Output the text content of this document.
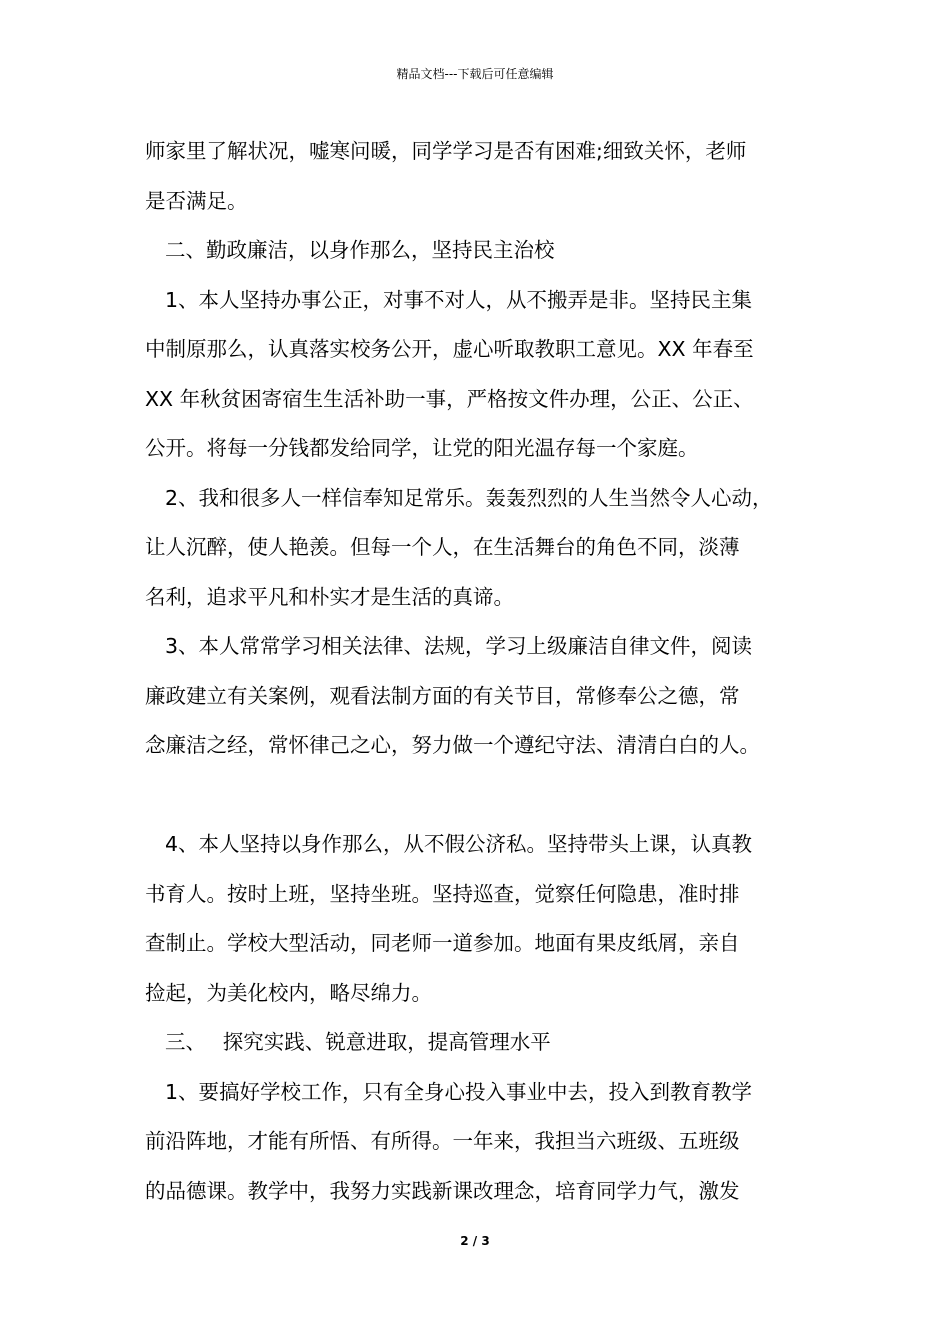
精品文档---下载后可任意编辑
师家里了解状况，嘘寒问暖，同学学习是否有困难;细致关怀，老师
是否满足。
二、勤政廉洁，以身作那么，坚持民主治校
1、本人坚持办事公正，对事不对人，从不搬弄是非。坚持民主集
中制原那么，认真落实校务公开，虚心听取教职工意见。XX 年春至
XX 年秋贫困寄宿生生活补助一事，严格按文件办理，公正、公正、
公开。将每一分钱都发给同学，让党的阳光温存每一个家庭。
2、我和很多人一样信奉知足常乐。轰轰烈烈的人生当然令人心动，
让人沉醉，使人艳羡。但每一个人，在生活舞台的角色不同，淡薄
名利，追求平凡和朴实才是生活的真谛。
3、本人常常学习相关法律、法规，学习上级廉洁自律文件，阅读
廉政建立有关案例，观看法制方面的有关节目，常修奉公之德，常
念廉洁之经，常怀律己之心，努力做一个遵纪守法、清清白白的人。
4、本人坚持以身作那么，从不假公济私。坚持带头上课，认真教
书育人。按时上班，坚持坐班。坚持巡查，觉察任何隐患，准时排
查制止。学校大型活动，同老师一道参加。地面有果皮纸屑，亲自
捡起，为美化校内，略尽绵力。
三、　 探究实践、锐意进取，提高管理水平
1、要搞好学校工作，只有全身心投入事业中去，投入到教育教学
前沿阵地，才能有所悟、有所得。一年来，我担当六班级、五班级
的品德课。教学中，我努力实践新课改理念，培育同学力气，激发
2 / 3
